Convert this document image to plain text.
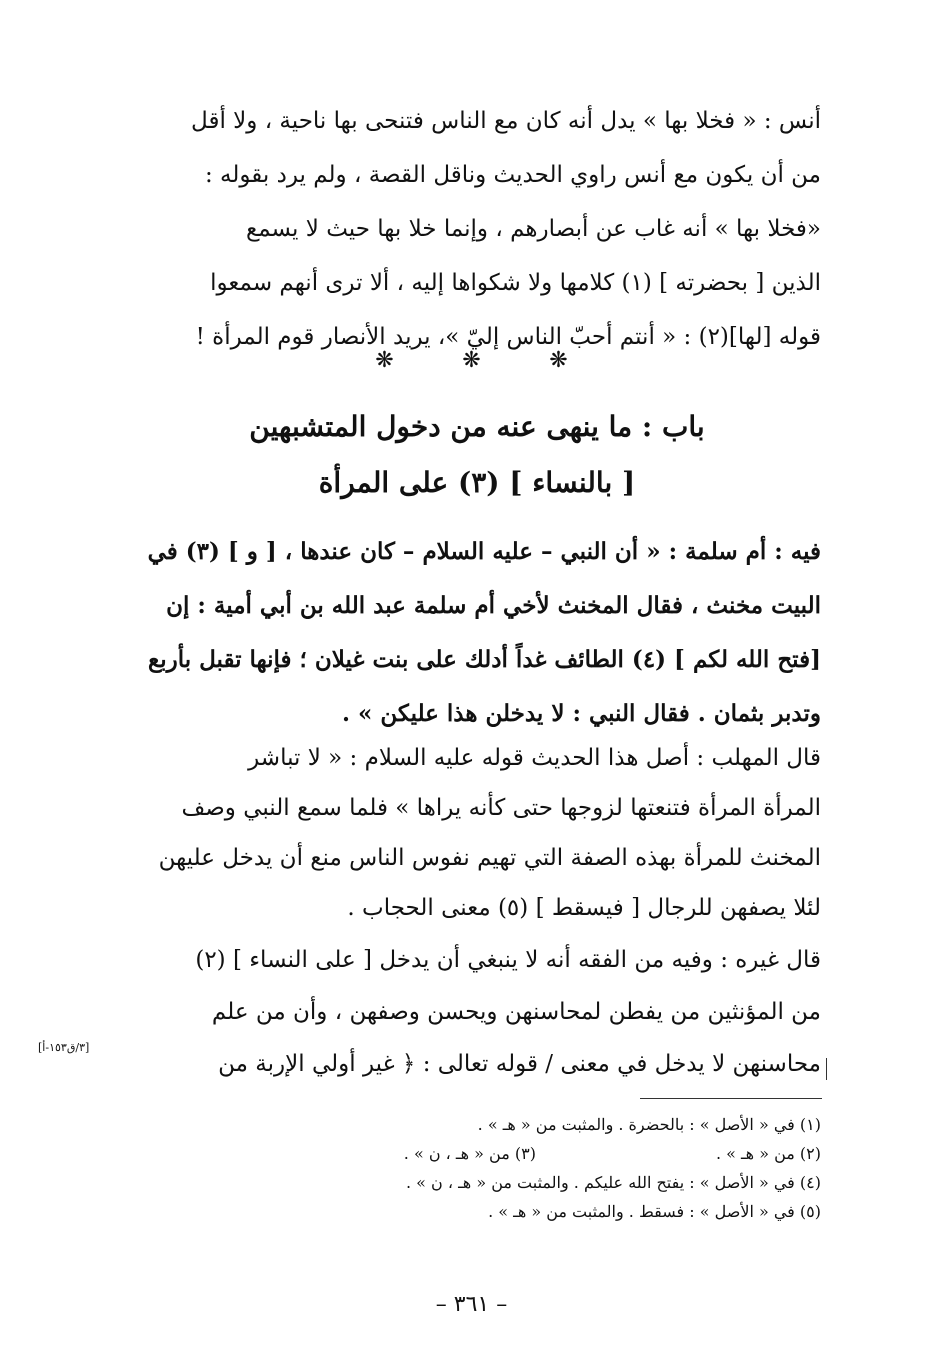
أنس : « فخلا بها » يدل أنه كان مع الناس فتنحى بها ناحية ، ولا أقل
من أن يكون مع أنس راوي الحديث وناقل القصة ، ولم يرد بقوله :
«فخلا بها » أنه غاب عن أبصارهم ، وإنما خلا بها حيث لا يسمع
الذين [ بحضرته ] (١) كلامها ولا شكواها إليه ، ألا ترى أنهم سمعوا
قوله [لها](٢) : « أنتم أحبّ الناس إليّ »، يريد الأنصار قوم المرأة !
❋ ❋ ❋
باب : ما ينهى عنه من دخول المتشبهين
[ بالنساء ] (٣) على المرأة
فيه : أم سلمة : « أن النبي – عليه السلام – كان عندها ، [ و ] (٣) في
البيت مخنث ، فقال المخنث لأخي أم سلمة عبد الله بن أبي أمية : إن
[فتح الله لكم ] (٤) الطائف غداً أدلك على بنت غيلان ؛ فإنها تقبل بأربع
وتدبر بثمان . فقال النبي : لا يدخلن هذا عليكن » .
قال المهلب : أصل هذا الحديث قوله عليه السلام : « لا تباشر
المرأة المرأة فتنعتها لزوجها حتى كأنه يراها » فلما سمع النبي وصف
المخنث للمرأة بهذه الصفة التي تهيم نفوس الناس منع أن يدخل عليهن
لئلا يصفهن للرجال [ فيسقط ] (٥) معنى الحجاب .
قال غيره : وفيه من الفقه أنه لا ينبغي أن يدخل [ على النساء ] (٢)
من المؤنثين من يفطن لمحاسنهن ويحسن وصفهن ، وأن من علم
محاسنهن لا يدخل في معنى / قوله تعالى : ﴿ غير أولي الإربة من
[٣/ق١٥٣-أ]
(١) في « الأصل » : بالحضرة . والمثبت من « هـ » .
(٢) من « هـ » .
(٣) من « هـ ، ن » .
(٤) في « الأصل » : يفتح الله عليكم . والمثبت من « هـ ، ن » .
(٥) في « الأصل » : فسقط . والمثبت من « هـ » .
– ٣٦١ –
